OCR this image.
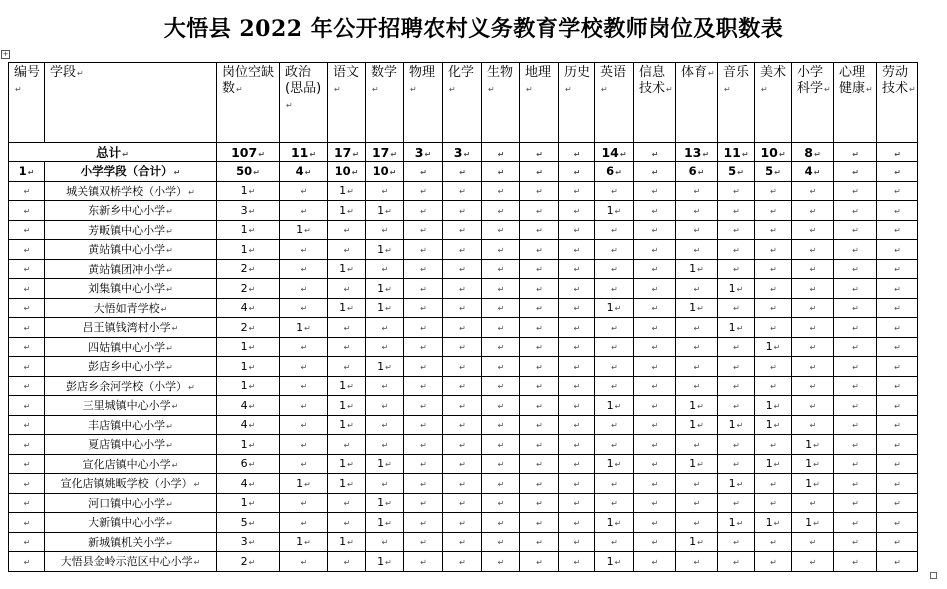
大悟县 2022 年公开招聘农村义务教育学校教师岗位及职数表
+
编号↵	学段↵	岗位空缺数↵	政治(思品)↵	语文↵	数学↵	物理↵	化学↵	生物↵	地理↵	历史↵	英语↵	信息技术↵	体育↵	音乐↵	美术↵	小学科学↵	心理健康↵	劳动技术↵
总计↵		107↵	11↵	17↵	17↵	3↵	3↵	↵	↵	↵	14↵	↵	13↵	11↵	10↵	8↵	↵	↵
1↵	小学学段（合计）↵	50↵	4↵	10↵	10↵	↵	↵	↵	↵	↵	6↵	↵	6↵	5↵	5↵	4↵	↵	↵
↵	城关镇双桥学校（小学）↵	1↵	↵	1↵	↵	↵	↵	↵	↵	↵	↵	↵	↵	↵	↵	↵	↵	↵
↵	东新乡中心小学↵	3↵	↵	1↵	1↵	↵	↵	↵	↵	↵	1↵	↵	↵	↵	↵	↵	↵	↵
↵	芳畈镇中心小学↵	1↵	1↵	↵	↵	↵	↵	↵	↵	↵	↵	↵	↵	↵	↵	↵	↵	↵
↵	黄站镇中心小学↵	1↵	↵	↵	1↵	↵	↵	↵	↵	↵	↵	↵	↵	↵	↵	↵	↵	↵
↵	黄站镇团冲小学↵	2↵	↵	1↵	↵	↵	↵	↵	↵	↵	↵	↵	1↵	↵	↵	↵	↵	↵
↵	刘集镇中心小学↵	2↵	↵	↵	1↵	↵	↵	↵	↵	↵	↵	↵	↵	1↵	↵	↵	↵	↵
↵	大悟如青学校↵	4↵	↵	1↵	1↵	↵	↵	↵	↵	↵	1↵	↵	1↵	↵	↵	↵	↵	↵
↵	吕王镇钱湾村小学↵	2↵	1↵	↵	↵	↵	↵	↵	↵	↵	↵	↵	↵	1↵	↵	↵	↵	↵
↵	四姑镇中心小学↵	1↵	↵	↵	↵	↵	↵	↵	↵	↵	↵	↵	↵	↵	1↵	↵	↵	↵
↵	彭店乡中心小学↵	1↵	↵	↵	1↵	↵	↵	↵	↵	↵	↵	↵	↵	↵	↵	↵	↵	↵
↵	彭店乡余河学校（小学）↵	1↵	↵	1↵	↵	↵	↵	↵	↵	↵	↵	↵	↵	↵	↵	↵	↵	↵
↵	三里城镇中心小学↵	4↵	↵	1↵	↵	↵	↵	↵	↵	↵	1↵	↵	1↵	↵	1↵	↵	↵	↵
↵	丰店镇中心小学↵	4↵	↵	1↵	↵	↵	↵	↵	↵	↵	↵	↵	1↵	1↵	1↵	↵	↵	↵
↵	夏店镇中心小学↵	1↵	↵	↵	↵	↵	↵	↵	↵	↵	↵	↵	↵	↵	↵	1↵	↵	↵
↵	宣化店镇中心小学↵	6↵	↵	1↵	1↵	↵	↵	↵	↵	↵	1↵	↵	1↵	↵	1↵	1↵	↵	↵
↵	宣化店镇姚畈学校（小学）↵	4↵	1↵	1↵	↵	↵	↵	↵	↵	↵	↵	↵	↵	1↵	↵	1↵	↵	↵
↵	河口镇中心小学↵	1↵	↵	↵	1↵	↵	↵	↵	↵	↵	↵	↵	↵	↵	↵	↵	↵	↵
↵	大新镇中心小学↵	5↵	↵	↵	1↵	↵	↵	↵	↵	↵	1↵	↵	↵	1↵	1↵	1↵	↵	↵
↵	新城镇机关小学↵	3↵	1↵	1↵	↵	↵	↵	↵	↵	↵	↵	↵	1↵	↵	↵	↵	↵	↵
↵	大悟县金岭示范区中心小学↵	2↵	↵	↵	1↵	↵	↵	↵	↵	↵	1↵	↵	↵	↵	↵	↵	↵	↵
